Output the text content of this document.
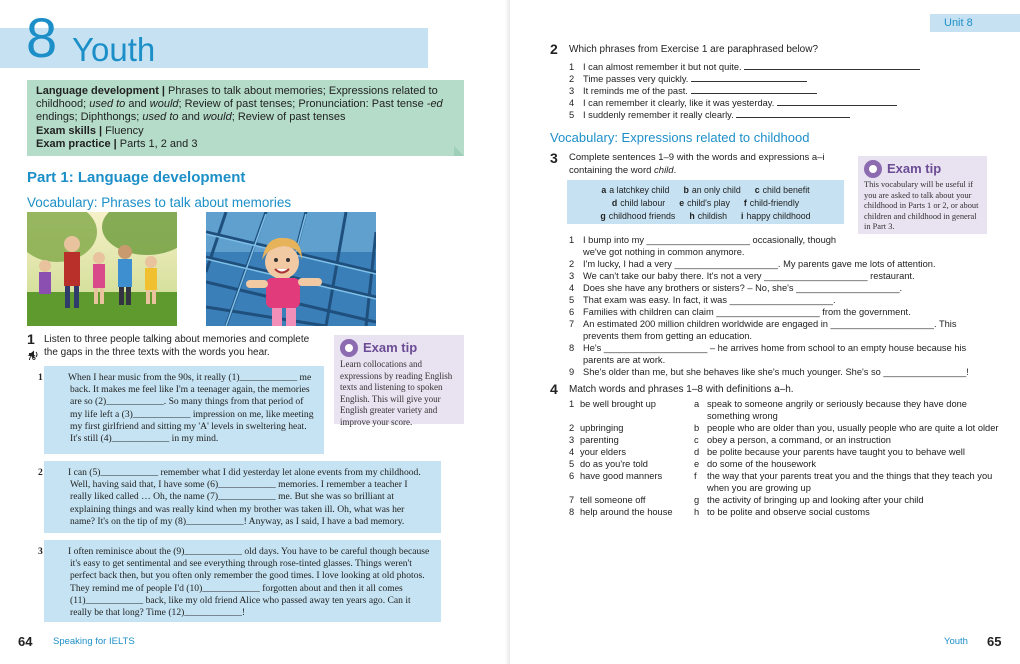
8 Youth
Language development | Phrases to talk about memories; Expressions related to childhood; used to and would; Review of past tenses; Pronunciation: Past tense -ed endings; Diphthongs; used to and would; Review of past tenses
Exam skills | Fluency
Exam practice | Parts 1, 2 and 3
Part 1: Language development
Vocabulary: Phrases to talk about memories
1
76
Listen to three people talking about memories and complete the gaps in the three texts with the words you hear.	Exam tip
Learn collocations and expressions by reading English texts and listening to spoken English. This will give your English greater variety and improve your score.

1	When I hear music from the 90s, it really (1)____________ me back. It makes me feel like I'm a teenager again, the memories are so (2)____________. So many things from that period of my life left a (3)____________ impression on me, like meeting my first girlfriend and sitting my 'A' levels in sweltering heat. It's still (4)____________ in my mind.

2	I can (5)____________ remember what I did yesterday let alone events from my childhood. Well, having said that, I have some (6)____________ memories. I remember a teacher I really liked called … Oh, the name (7)____________ me. But she was so brilliant at explaining things and was really kind when my brother was taken ill. Oh, what was her name? It's on the tip of my (8)____________! Anyway, as I said, I have a bad memory.

3	I often reminisce about the (9)____________ old days. You have to be careful though because it's easy to get sentimental and see everything through rose-tinted glasses. Things weren't perfect back then, but you often only remember the good times. I love looking at old photos. They remind me of people I'd (10)____________ forgotten about and then it all comes (11)____________ back, like my old friend Alice who passed away ten years ago. Can it really be that long? Time (12)____________!

64 Speaking for IELTS
Unit 8
2 Which phrases from Exercise 1 are paraphrased below?
1 I can almost remember it but not quite.

2 Time passes very quickly.

3 It reminds me of the past.

4 I can remember it clearly, like it was yesterday.

5 I suddenly remember it really clearly.

Vocabulary: Expressions related to childhood
3 Complete sentences 1–9 with the words and expressions a–i containing the word child.
a a latchkey child b an only child c child benefit
d child labour e child's play f child-friendly
g childhood friends h childish i happy childhood
Exam tip
This vocabulary will be useful if you are asked to talk about your childhood in Parts 1 or 2, or about children and childhood in general in Part 3.
1 I bump into my ____________________ occasionally, though we've got nothing in common anymore.
2 I'm lucky, I had a very ____________________. My parents gave me lots of attention.
3 We can't take our baby there. It's not a very ____________________ restaurant.
4 Does she have any brothers or sisters? – No, she's ____________________.
5 That exam was easy. In fact, it was ____________________.
6 Families with children can claim ____________________ from the government.
7 An estimated 200 million children worldwide are engaged in ____________________. This prevents them from getting an education.
8 He's ____________________ – he arrives home from school to an empty house because his parents are at work.
9 She's older than me, but she behaves like she's much younger. She's so ________________!
4 Match words and phrases 1–8 with definitions a–h.
1 be well brought up	a speak to someone angrily or seriously because they have done something wrong
2 upbringing	b people who are older than you, usually people who are quite a lot older
3 parenting	c obey a person, a command, or an instruction
4 your elders	d be polite because your parents have taught you to behave well
5 do as you're told	e do some of the housework
6 have good manners	f	the way that your parents treat you and the things that they teach you when you are growing up
7 tell someone off	g the activity of bringing up and looking after your child
8 help around the house	h to be polite and observe social customs
Youth 65
